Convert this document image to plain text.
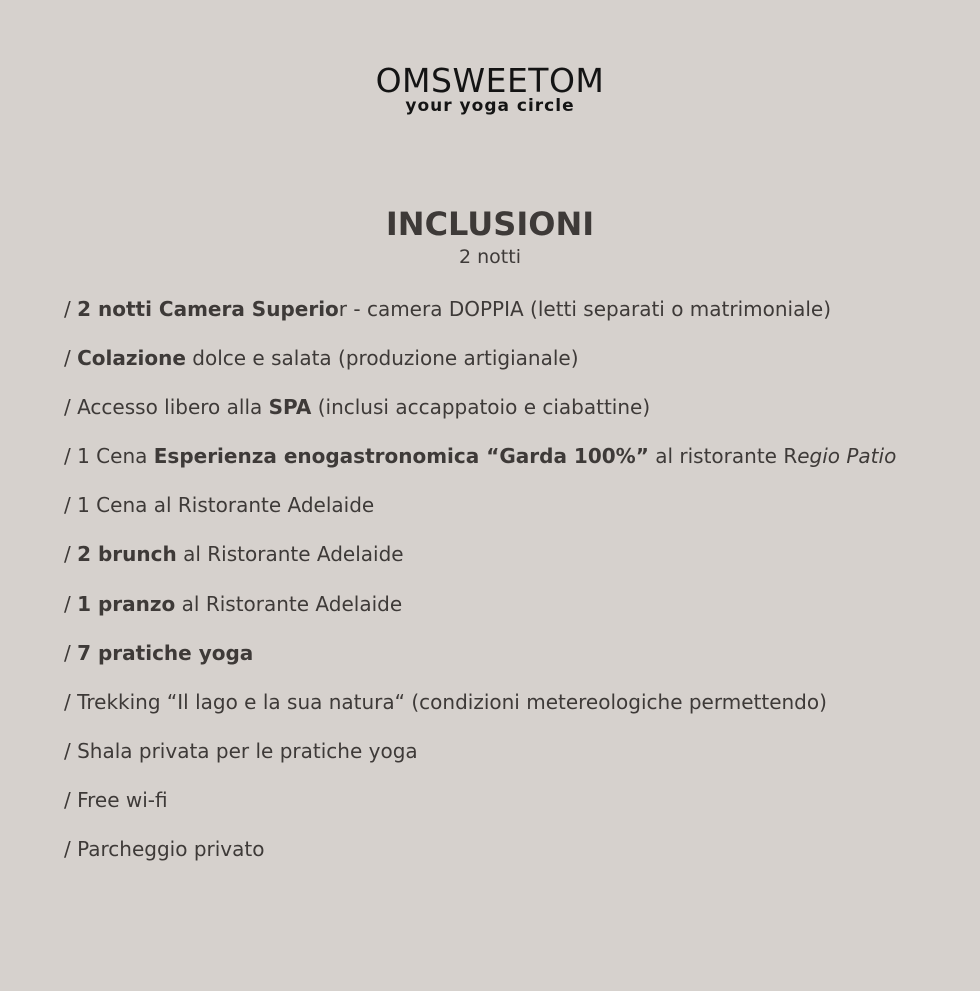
OMSWEETOM
your yoga circle
INCLUSIONI
2 notti
/ 2 notti Camera Superior - camera DOPPIA (letti separati o matrimoniale)
/ Colazione dolce e salata (produzione artigianale)
/ Accesso libero alla SPA (inclusi accappatoio e ciabattine)
/ 1 Cena Esperienza enogastronomica “Garda 100%” al ristorante Regio Patio
/ 1 Cena al Ristorante Adelaide
/ 2 brunch al Ristorante Adelaide
/ 1 pranzo al Ristorante Adelaide
/ 7 pratiche yoga
/ Trekking “Il lago e la sua natura“ (condizioni metereologiche permettendo)
/ Shala privata per le pratiche yoga
/ Free wi-fi
/ Parcheggio privato
